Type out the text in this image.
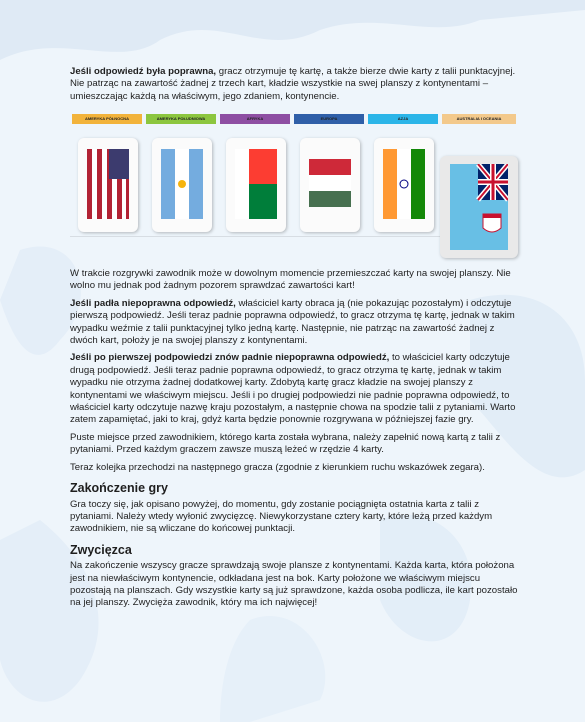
Jeśli odpowiedź była poprawna, gracz otrzymuje tę kartę, a także bierze dwie karty z talii punktacyjnej. Nie patrząc na zawartość żadnej z trzech kart, kładzie wszystkie na swej planszy z kontynentami – umieszczając każdą na właściwym, jego zdaniem, kontynencie.

AMERYKA PÓŁNOCNA	AMERYKA POŁUDNIOWA	AFRYKA	EUROPA	AZJA	AUSTRALIA I OCEANIA

W trakcie rozgrywki zawodnik może w dowolnym momencie przemieszczać karty na swojej planszy. Nie wolno mu jednak pod żadnym pozorem sprawdzać zawartości kart!

Jeśli padła niepoprawna odpowiedź, właściciel karty obraca ją (nie pokazując pozostałym) i odczytuje pierwszą podpowiedź. Jeśli teraz padnie poprawna odpowiedź, to gracz otrzyma tę kartę, jednak w takim wypadku weźmie z talii punktacyjnej tylko jedną kartę. Następnie, nie patrząc na zawartość żadnej z dwóch kart, położy je na swojej planszy z kontynentami.

Jeśli po pierwszej podpowiedzi znów padnie niepoprawna odpowiedź, to właściciel karty odczytuje drugą podpowiedź. Jeśli teraz padnie poprawna odpowiedź, to gracz otrzyma tę kartę, jednak w takim wypadku nie otrzyma żadnej dodatkowej karty. Zdobytą kartę gracz kładzie na swojej planszy z kontynentami we właściwym miejscu. Jeśli i po drugiej podpowiedzi nie padnie poprawna odpowiedź, to właściciel karty odczytuje nazwę kraju pozostałym, a następnie chowa na spodzie talii z pytaniami. Warto zatem zapamiętać, jaki to kraj, gdyż karta będzie ponownie rozgrywana w późniejszej fazie gry.

Puste miejsce przed zawodnikiem, którego karta została wybrana, należy zapełnić nową kartą z talii z pytaniami. Przed każdym graczem zawsze muszą leżeć w rzędzie 4 karty.

Teraz kolejka przechodzi na następnego gracza (zgodnie z kierunkiem ruchu wskazówek zegara).

Zakończenie gry

Gra toczy się, jak opisano powyżej, do momentu, gdy zostanie pociągnięta ostatnia karta z talii z pytaniami. Należy wtedy wyłonić zwycięzcę. Niewykorzystane cztery karty, które leżą przed każdym zawodnikiem, nie są wliczane do końcowej punktacji.

Zwycięzca

Na zakończenie wszyscy gracze sprawdzają swoje plansze z kontynentami. Każda karta, która położona jest na niewłaściwym kontynencie, odkładana jest na bok. Karty położone we właściwym miejscu pozostają na planszach. Gdy wszystkie karty są już sprawdzone, każda osoba podlicza, ile kart pozostało na jej planszy. Zwycięża zawodnik, który ma ich najwięcej!
